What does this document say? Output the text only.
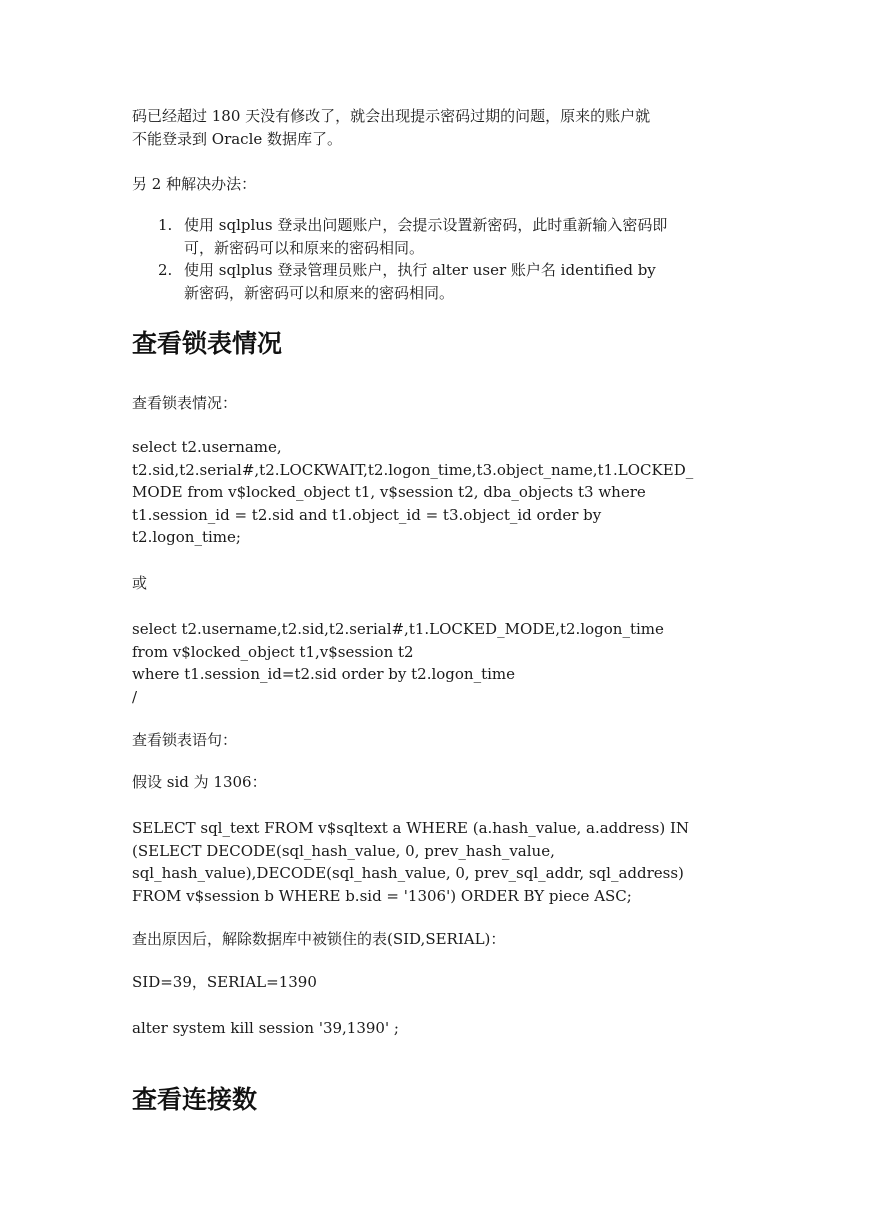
码已经超过 180 天没有修改了，就会出现提示密码过期的问题，原来的账户就
不能登录到 Oracle 数据库了。
另 2 种解决办法：
1. 使用 sqlplus 登录出问题账户，会提示设置新密码，此时重新输入密码即
可，新密码可以和原来的密码相同。
2. 使用 sqlplus 登录管理员账户，执行 alter user 账户名 identified by
新密码，新密码可以和原来的密码相同。
查看锁表情况
查看锁表情况：
select t2.username,
t2.sid,t2.serial#,t2.LOCKWAIT,t2.logon_time,t3.object_name,t1.LOCKED_
MODE from v$locked_object t1, v$session t2, dba_objects t3 where
t1.session_id = t2.sid and t1.object_id = t3.object_id order by
t2.logon_time;
或
select t2.username,t2.sid,t2.serial#,t1.LOCKED_MODE,t2.logon_time
from v$locked_object t1,v$session t2
where t1.session_id=t2.sid order by t2.logon_time
/
查看锁表语句：
假设 sid 为 1306：
SELECT sql_text FROM v$sqltext a WHERE (a.hash_value, a.address) IN
(SELECT DECODE(sql_hash_value, 0, prev_hash_value,
sql_hash_value),DECODE(sql_hash_value, 0, prev_sql_addr, sql_address)
FROM v$session b WHERE b.sid = '1306') ORDER BY piece ASC;
查出原因后，解除数据库中被锁住的表(SID,SERIAL)：
SID=39，SERIAL=1390
alter system kill session '39,1390' ;
查看连接数
